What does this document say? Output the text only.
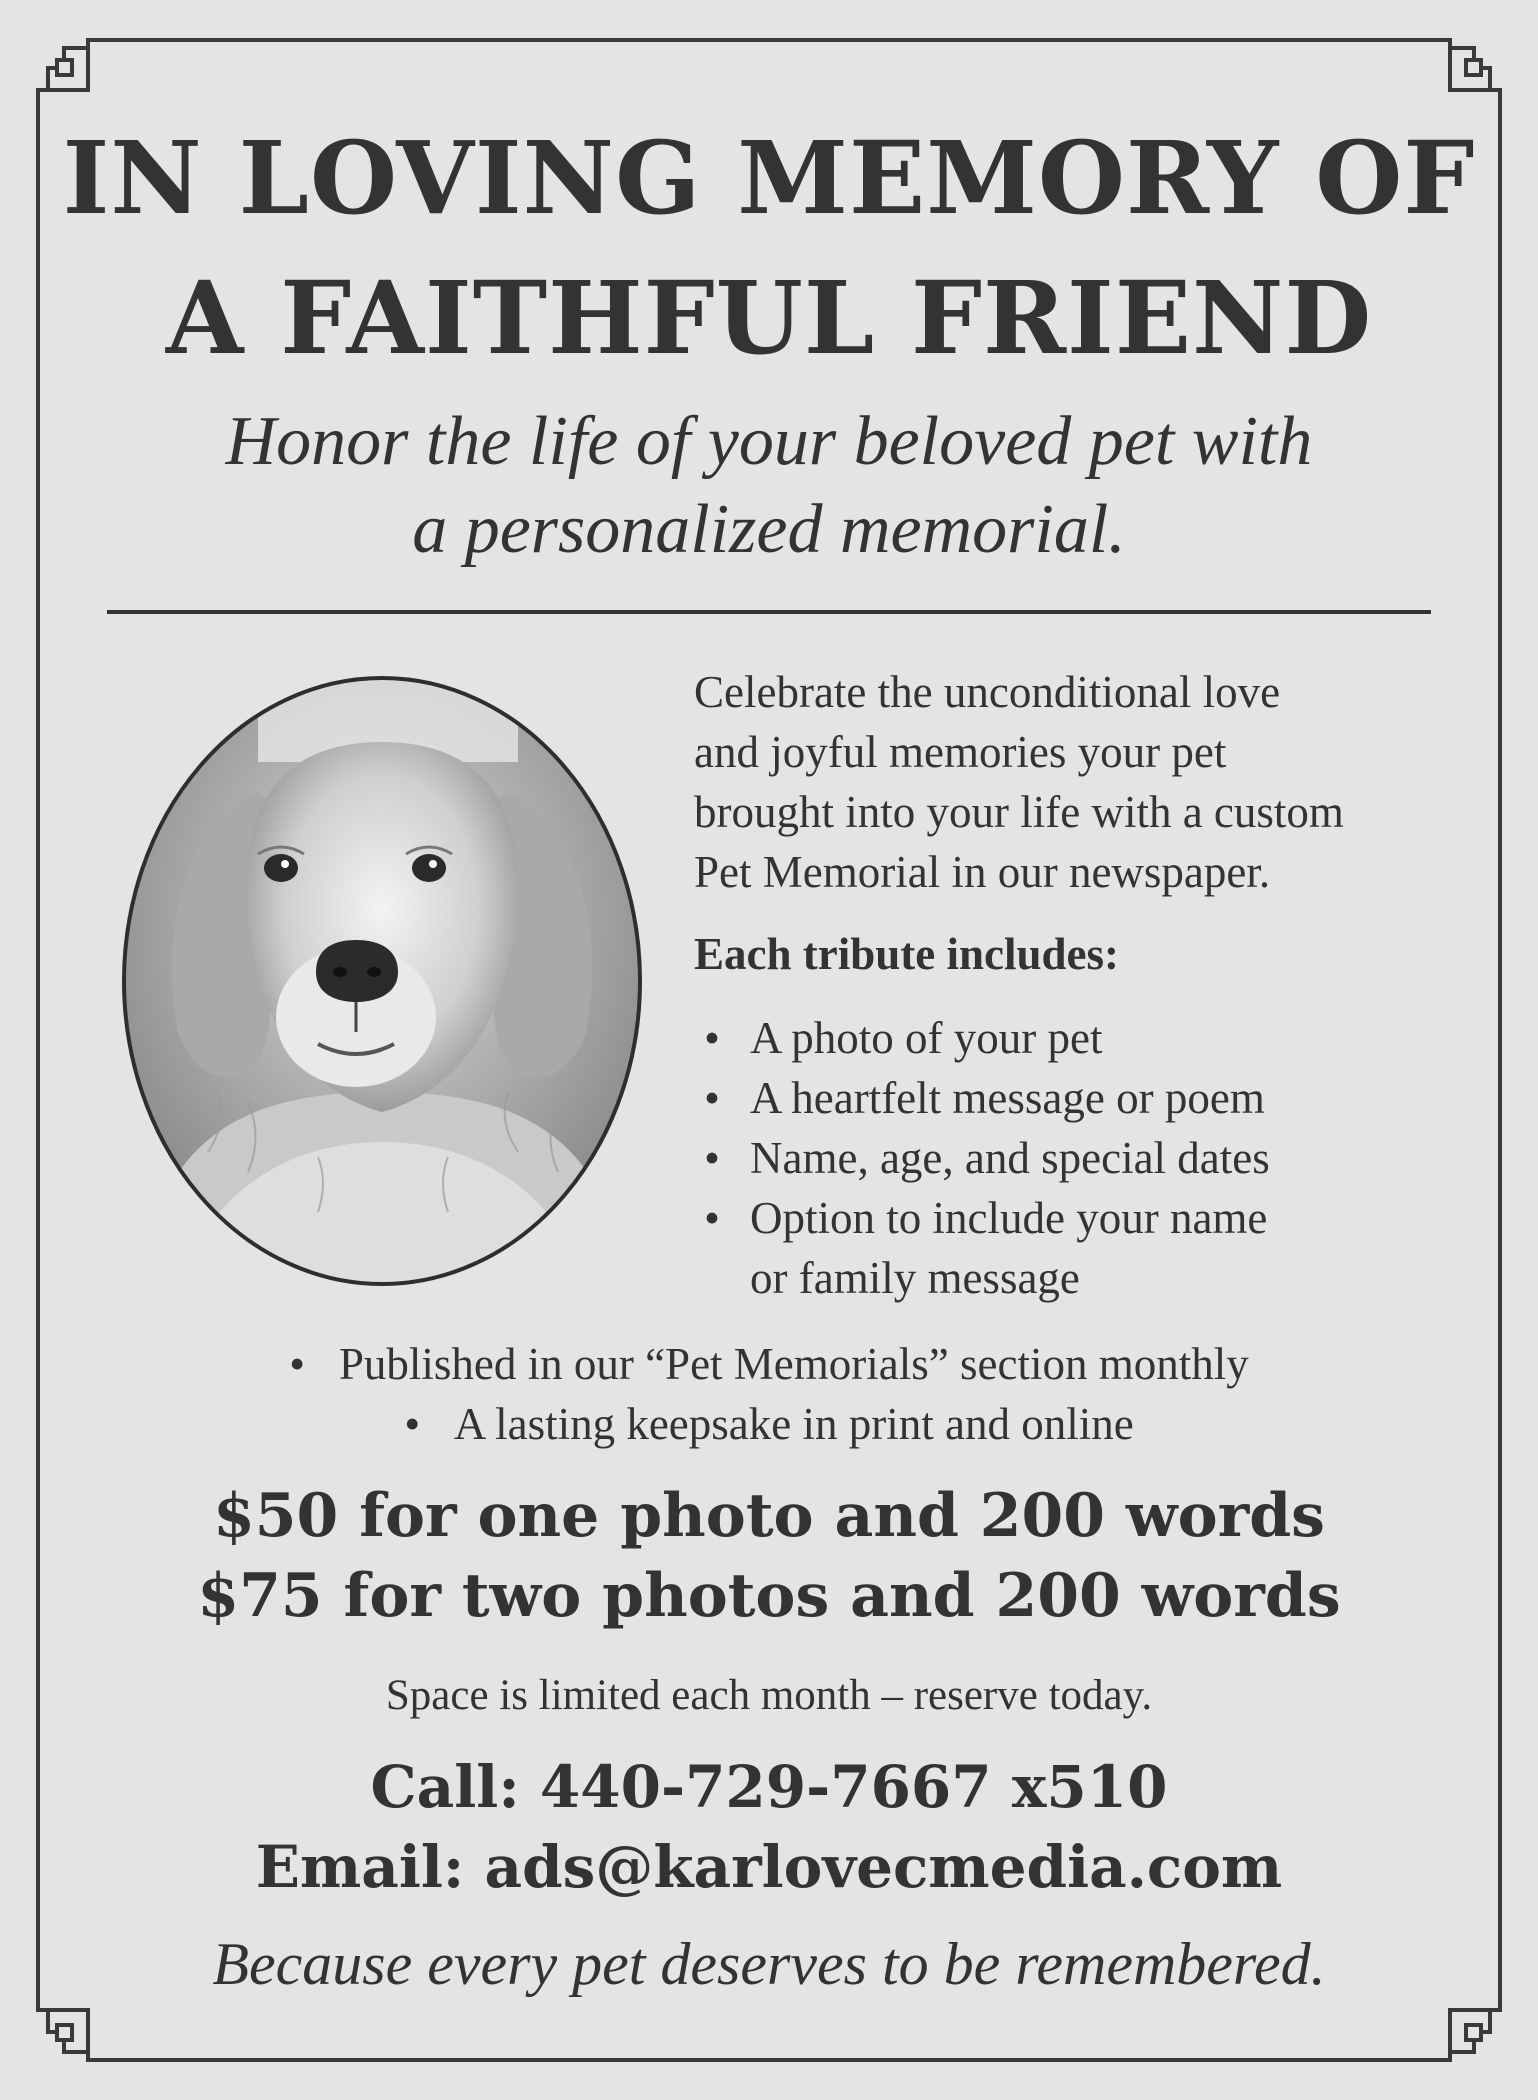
IN LOVING MEMORY OF
A FAITHFUL FRIEND
Honor the life of your beloved pet with
a personalized memorial.
Celebrate the unconditional love
and joyful memories your pet
brought into your life with a custom
Pet Memorial in our newspaper.
Each tribute includes:
• A photo of your pet
• A heartfelt message or poem
• Name, age, and special dates
• Option to include your name
or family message
• Published in our “Pet Memorials” section monthly
• A lasting keepsake in print and online
$50 for one photo and 200 words
$75 for two photos and 200 words
Space is limited each month – reserve today.
Call: 440-729-7667 x510
Email: ads@karlovecmedia.com
Because every pet deserves to be remembered.
